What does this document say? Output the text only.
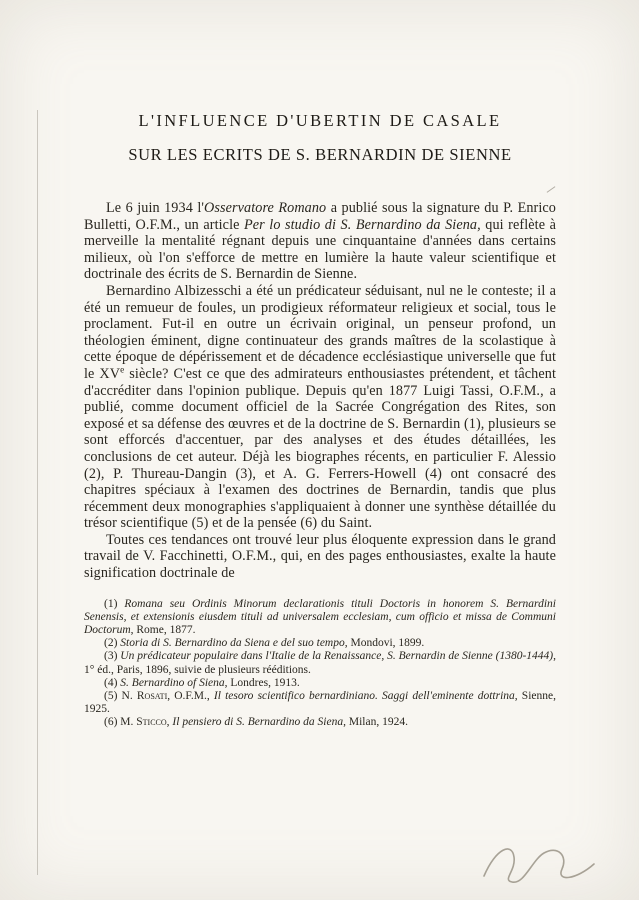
L'INFLUENCE D'UBERTIN DE CASALE
SUR LES ECRITS DE S. BERNARDIN DE SIENNE

Le 6 juin 1934 l'Osservatore Romano a publié sous la signature du P. Enrico Bulletti, O.F.M., un article Per lo studio di S. Bernardino da Siena, qui reflète à merveille la mentalité régnant depuis une cinquantaine d'années dans certains milieux, où l'on s'efforce de mettre en lumière la haute valeur scientifique et doctrinale des écrits de S. Bernardin de Sienne.

Bernardino Albizesschi a été un prédicateur séduisant, nul ne le conteste; il a été un remueur de foules, un prodigieux réformateur religieux et social, tous le proclament. Fut-il en outre un écrivain original, un penseur profond, un théologien éminent, digne continuateur des grands maîtres de la scolastique à cette époque de dépérissement et de décadence ecclésiastique universelle que fut le XVe siècle? C'est ce que des admirateurs enthousiastes prétendent, et tâchent d'accréditer dans l'opinion publique. Depuis qu'en 1877 Luigi Tassi, O.F.M., a publié, comme document officiel de la Sacrée Congrégation des Rites, son exposé et sa défense des œuvres et de la doctrine de S. Bernardin (1), plusieurs se sont efforcés d'accentuer, par des analyses et des études détaillées, les conclusions de cet auteur. Déjà les biographes récents, en particulier F. Alessio (2), P. Thureau-Dangin (3), et A. G. Ferrers-Howell (4) ont consacré des chapitres spéciaux à l'examen des doctrines de Bernardin, tandis que plus récemment deux monographies s'appliquaient à donner une synthèse détaillée du trésor scientifique (5) et de la pensée (6) du Saint.

Toutes ces tendances ont trouvé leur plus éloquente expression dans le grand travail de V. Facchinetti, O.F.M., qui, en des pages enthousiastes, exalte la haute signification doctrinale de

(1) Romana seu Ordinis Minorum declarationis tituli Doctoris in honorem S. Bernardini Senensis, et extensionis eiusdem tituli ad universalem ecclesiam, cum officio et missa de Communi Doctorum, Rome, 1877.

(2) Storia di S. Bernardino da Siena e del suo tempo, Mondovi, 1899.

(3) Un prédicateur populaire dans l'Italie de la Renaissance, S. Bernardin de Sienne (1380-1444), 1° éd., Paris, 1896, suivie de plusieurs rééditions.

(4) S. Bernardino of Siena, Londres, 1913.

(5) N. Rosati, O.F.M., Il tesoro scientifico bernardiniano. Saggi dell'eminente dottrina, Sienne, 1925.

(6) M. Sticco, Il pensiero di S. Bernardino da Siena, Milan, 1924.
